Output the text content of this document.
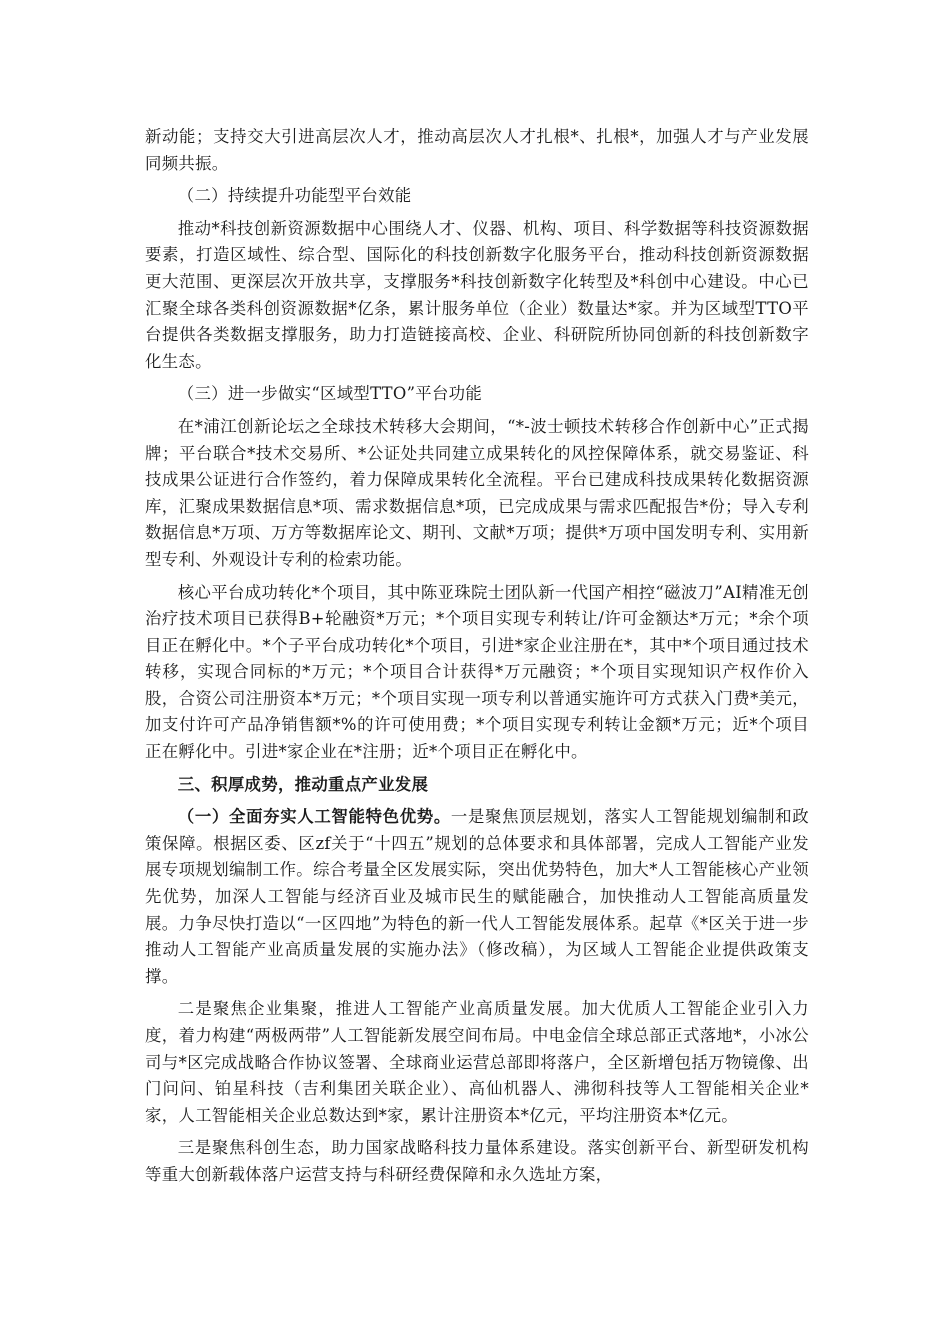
新动能；支持交大引进高层次人才，推动高层次人才扎根*、扎根*，加强人才与产业发展同频共振。

（二）持续提升功能型平台效能

推动*科技创新资源数据中心围绕人才、仪器、机构、项目、科学数据等科技资源数据要素，打造区域性、综合型、国际化的科技创新数字化服务平台，推动科技创新资源数据更大范围、更深层次开放共享，支撑服务*科技创新数字化转型及*科创中心建设。中心已汇聚全球各类科创资源数据*亿条，累计服务单位（企业）数量达*家。并为区域型TTO平台提供各类数据支撑服务，助力打造链接高校、企业、科研院所协同创新的科技创新数字化生态。

（三）进一步做实“区域型TTO”平台功能

在*浦江创新论坛之全球技术转移大会期间，“*-波士顿技术转移合作创新中心”正式揭牌；平台联合*技术交易所、*公证处共同建立成果转化的风控保障体系，就交易鉴证、科技成果公证进行合作签约，着力保障成果转化全流程。平台已建成科技成果转化数据资源库，汇聚成果数据信息*项、需求数据信息*项，已完成成果与需求匹配报告*份；导入专利数据信息*万项、万方等数据库论文、期刊、文献*万项；提供*万项中国发明专利、实用新型专利、外观设计专利的检索功能。

核心平台成功转化*个项目，其中陈亚珠院士团队新一代国产相控“磁波刀”AI精准无创治疗技术项目已获得B+轮融资*万元；*个项目实现专利转让/许可金额达*万元；*余个项目正在孵化中。*个子平台成功转化*个项目，引进*家企业注册在*，其中*个项目通过技术转移，实现合同标的*万元；*个项目合计获得*万元融资；*个项目实现知识产权作价入股，合资公司注册资本*万元；*个项目实现一项专利以普通实施许可方式获入门费*美元，加支付许可产品净销售额*%的许可使用费；*个项目实现专利转让金额*万元；近*个项目正在孵化中。引进*家企业在*注册；近*个项目正在孵化中。

三、积厚成势，推动重点产业发展

（一）全面夯实人工智能特色优势。一是聚焦顶层规划，落实人工智能规划编制和政策保障。根据区委、区zf关于“十四五”规划的总体要求和具体部署，完成人工智能产业发展专项规划编制工作。综合考量全区发展实际，突出优势特色，加大*人工智能核心产业领先优势，加深人工智能与经济百业及城市民生的赋能融合，加快推动人工智能高质量发展。力争尽快打造以“一区四地”为特色的新一代人工智能发展体系。起草《*区关于进一步推动人工智能产业高质量发展的实施办法》（修改稿），为区域人工智能企业提供政策支撑。

二是聚焦企业集聚，推进人工智能产业高质量发展。加大优质人工智能企业引入力度，着力构建“两极两带”人工智能新发展空间布局。中电金信全球总部正式落地*，小冰公司与*区完成战略合作协议签署、全球商业运营总部即将落户，全区新增包括万物镜像、出门问问、铂星科技（吉利集团关联企业）、高仙机器人、沸彻科技等人工智能相关企业*家，人工智能相关企业总数达到*家，累计注册资本*亿元，平均注册资本*亿元。

三是聚焦科创生态，助力国家战略科技力量体系建设。落实创新平台、新型研发机构等重大创新载体落户运营支持与科研经费保障和永久选址方案，
